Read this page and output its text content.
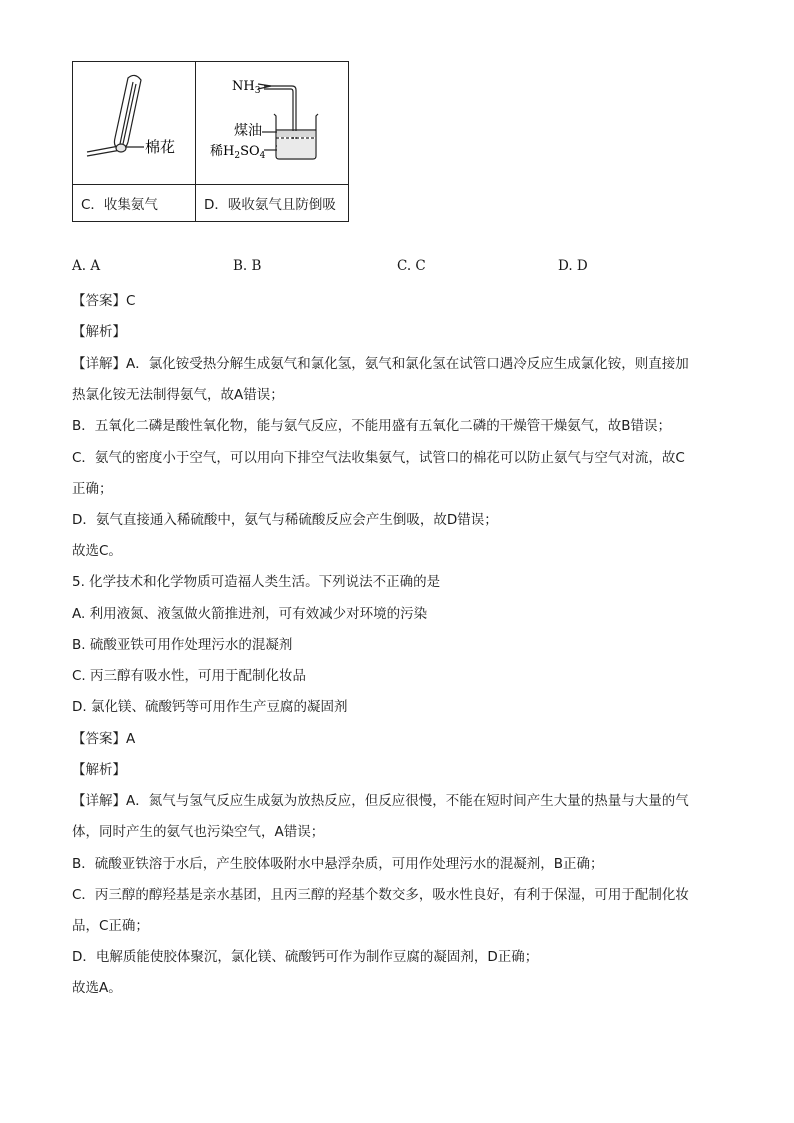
棉花	$NH_3$
煤油
稀$H_2SO_4$

C．收集氨气	D．吸收氨气且防倒吸
A. A	B. B	C. C	D. D
【答案】C
【解析】
【详解】A．氯化铵受热分解生成氨气和氯化氢，氨气和氯化氢在试管口遇冷反应生成氯化铵，则直接加
热氯化铵无法制得氨气，故A错误；
B．五氧化二磷是酸性氧化物，能与氨气反应，不能用盛有五氧化二磷的干燥管干燥氨气，故B错误；
C．氨气的密度小于空气，可以用向下排空气法收集氨气，试管口的棉花可以防止氨气与空气对流，故C
正确；
D．氨气直接通入稀硫酸中，氨气与稀硫酸反应会产生倒吸，故D错误；
故选C。
5. 化学技术和化学物质可造福人类生活。下列说法不正确的是
A. 利用液氮、液氢做火箭推进剂，可有效减少对环境的污染
B. 硫酸亚铁可用作处理污水的混凝剂
C. 丙三醇有吸水性，可用于配制化妆品
D. 氯化镁、硫酸钙等可用作生产豆腐的凝固剂
【答案】A
【解析】
【详解】A．氮气与氢气反应生成氨为放热反应，但反应很慢，不能在短时间产生大量的热量与大量的气
体，同时产生的氨气也污染空气，A错误；
B．硫酸亚铁溶于水后，产生胶体吸附水中悬浮杂质，可用作处理污水的混凝剂，B正确；
C．丙三醇的醇羟基是亲水基团，且丙三醇的羟基个数交多，吸水性良好，有利于保湿，可用于配制化妆
品，C正确；
D．电解质能使胶体聚沉，氯化镁、硫酸钙可作为制作豆腐的凝固剂，D正确；
故选A。
